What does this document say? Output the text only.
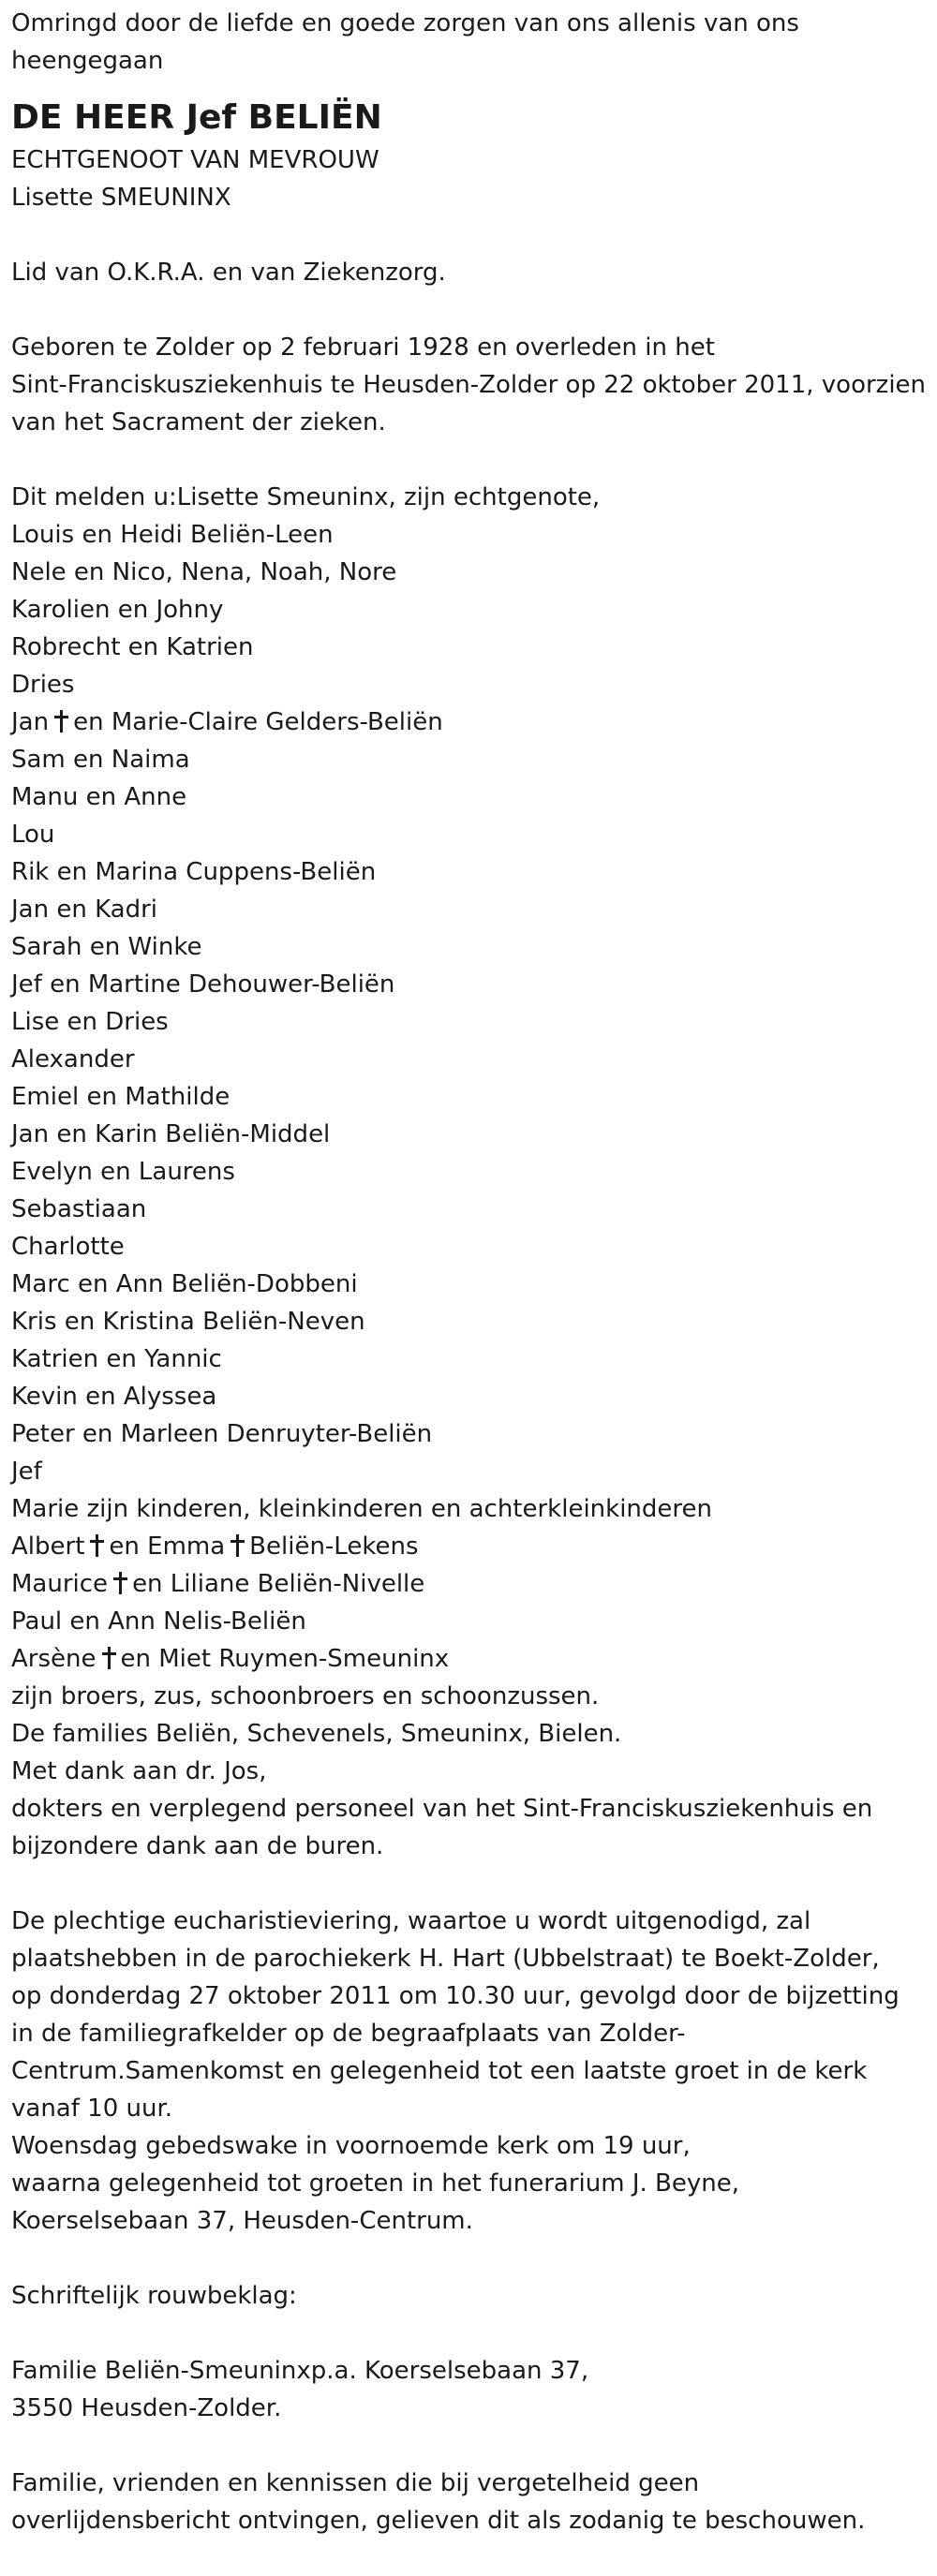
Omringd door de liefde en goede zorgen van ons allenis van ons

heengegaan

DE HEER Jef BELIËN

ECHTGENOOT VAN MEVROUW

Lisette SMEUNINX

Lid van O.K.R.A. en van Ziekenzorg.

Geboren te Zolder op 2 februari 1928 en overleden in het

Sint-Franciskusziekenhuis te Heusden-Zolder op 22 oktober 2011, voorzien

van het Sacrament der zieken.

Dit melden u:Lisette Smeuninx, zijn echtgenote,

Louis en Heidi Beliën-Leen

Nele en Nico, Nena, Noah, Nore

Karolien en Johny

Robrecht en Katrien

Dries

Jan en Marie-Claire Gelders-Beliën

Sam en Naima

Manu en Anne

Lou

Rik en Marina Cuppens-Beliën

Jan en Kadri

Sarah en Winke

Jef en Martine Dehouwer-Beliën

Lise en Dries

Alexander

Emiel en Mathilde

Jan en Karin Beliën-Middel

Evelyn en Laurens

Sebastiaan

Charlotte

Marc en Ann Beliën-Dobbeni

Kris en Kristina Beliën-Neven

Katrien en Yannic

Kevin en Alyssea

Peter en Marleen Denruyter-Beliën

Jef

Marie zijn kinderen, kleinkinderen en achterkleinkinderen

Albert en Emma Beliën-Lekens

Maurice en Liliane Beliën-Nivelle

Paul en Ann Nelis-Beliën

Arsène en Miet Ruymen-Smeuninx

zijn broers, zus, schoonbroers en schoonzussen.

De families Beliën, Schevenels, Smeuninx, Bielen.

Met dank aan dr. Jos,

dokters en verplegend personeel van het Sint-Franciskusziekenhuis en

bijzondere dank aan de buren.

De plechtige eucharistieviering, waartoe u wordt uitgenodigd, zal

plaatshebben in de parochiekerk H. Hart (Ubbelstraat) te Boekt-Zolder,

op donderdag 27 oktober 2011 om 10.30 uur, gevolgd door de bijzetting

in de familiegrafkelder op de begraafplaats van Zolder-

Centrum.Samenkomst en gelegenheid tot een laatste groet in de kerk

vanaf 10 uur.

Woensdag gebedswake in voornoemde kerk om 19 uur,

waarna gelegenheid tot groeten in het funerarium J. Beyne,

Koerselsebaan 37, Heusden-Centrum.

Schriftelijk rouwbeklag:

Familie Beliën-Smeuninxp.a. Koerselsebaan 37,

3550 Heusden-Zolder.

Familie, vrienden en kennissen die bij vergetelheid geen

overlijdensbericht ontvingen, gelieven dit als zodanig te beschouwen.
